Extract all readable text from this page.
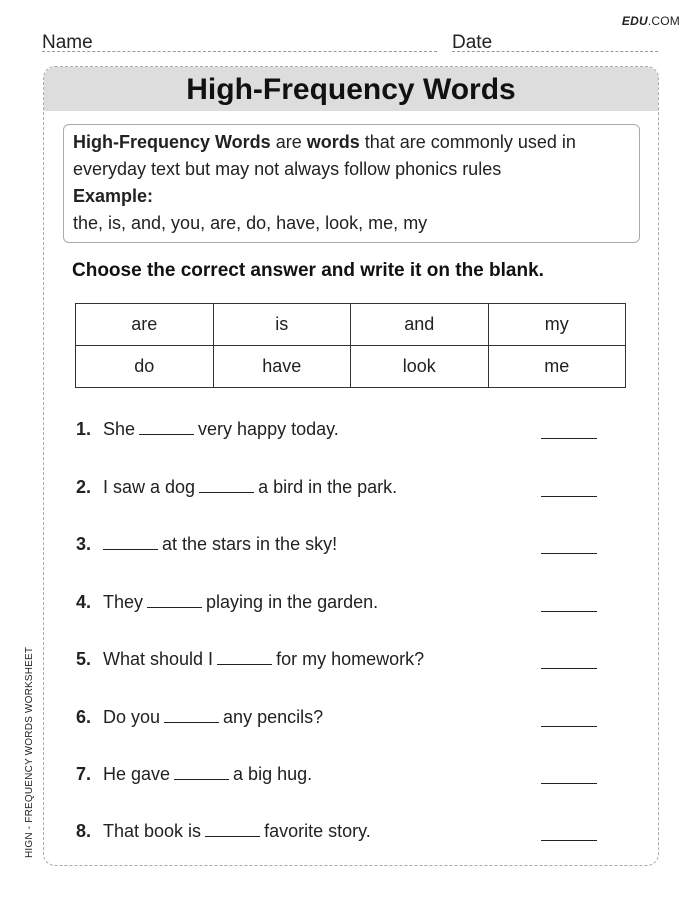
EDU.COM
Name	Date
HIGN - FREQUENCY WORDS WORKSHEET
High-Frequency Words
High-Frequency Words are words that are commonly used in
everyday text but may not always follow phonics rules
Example:
the, is, and, you, are, do, have, look, me, my
Choose the correct answer and write it on the blank.
are	is	and	my
do	have	look	me
1. She	very happy today.
2. I saw a dog	a bird in the park.
3.	at the stars in the sky!
4. They	playing in the garden.
5. What should I	for my homework?
6. Do you	any pencils?
7. He gave	a big hug.
8. That book is	favorite story.
